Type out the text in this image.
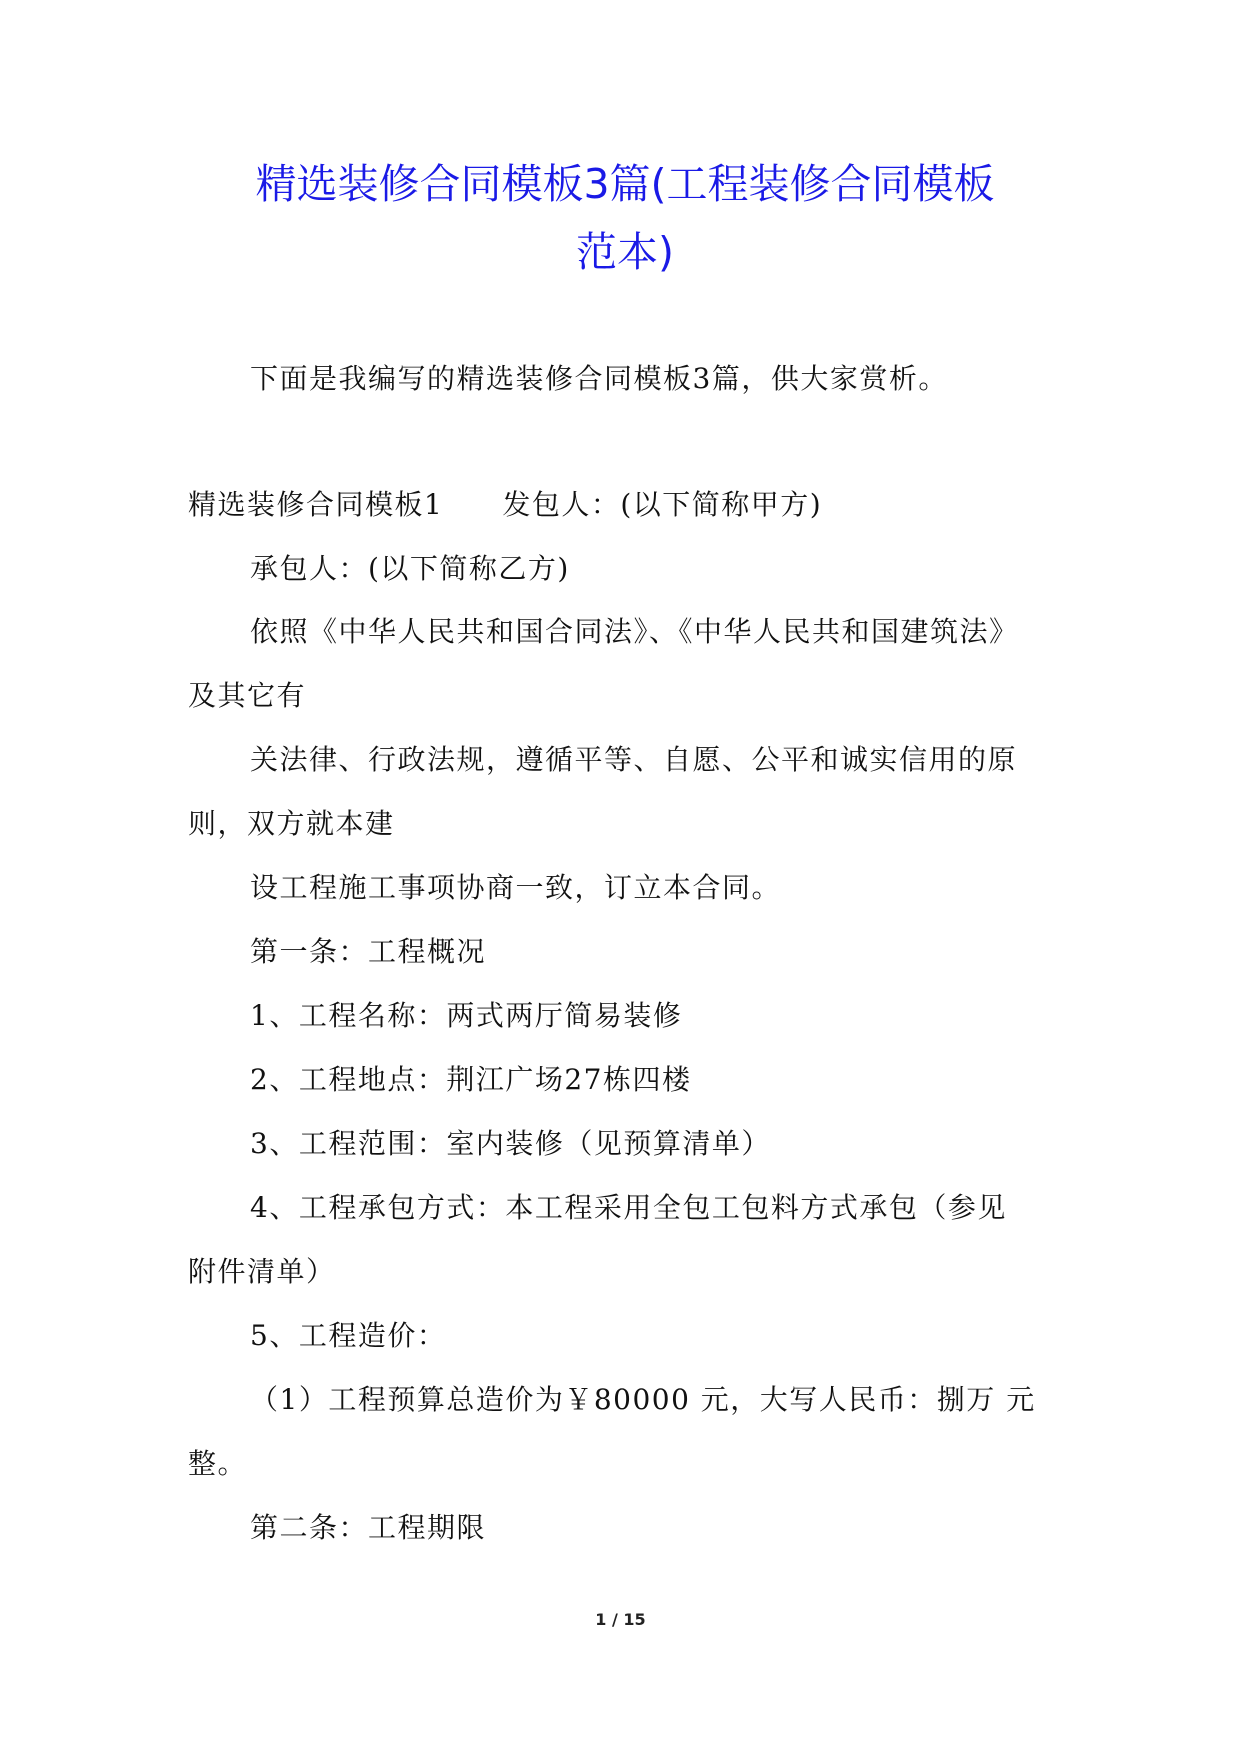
精选装修合同模板3篇(工程装修合同模板
范本)
下面是我编写的精选装修合同模板3篇，供大家赏析。
精选装修合同模板1　　发包人：(以下简称甲方)
承包人：(以下简称乙方)
依照《中华人民共和国合同法》、《中华人民共和国建筑法》
及其它有
关法律、行政法规，遵循平等、自愿、公平和诚实信用的原
则，双方就本建
设工程施工事项协商一致，订立本合同。
第一条：工程概况
1、工程名称：两式两厅简易装修
2、工程地点：荆江广场27栋四楼
3、工程范围：室内装修（见预算清单）
4、工程承包方式：本工程采用全包工包料方式承包（参见
附件清单）
5、工程造价：
（1）工程预算总造价为￥80000 元，大写人民币：捌万 元
整。
第二条：工程期限
1 / 15
